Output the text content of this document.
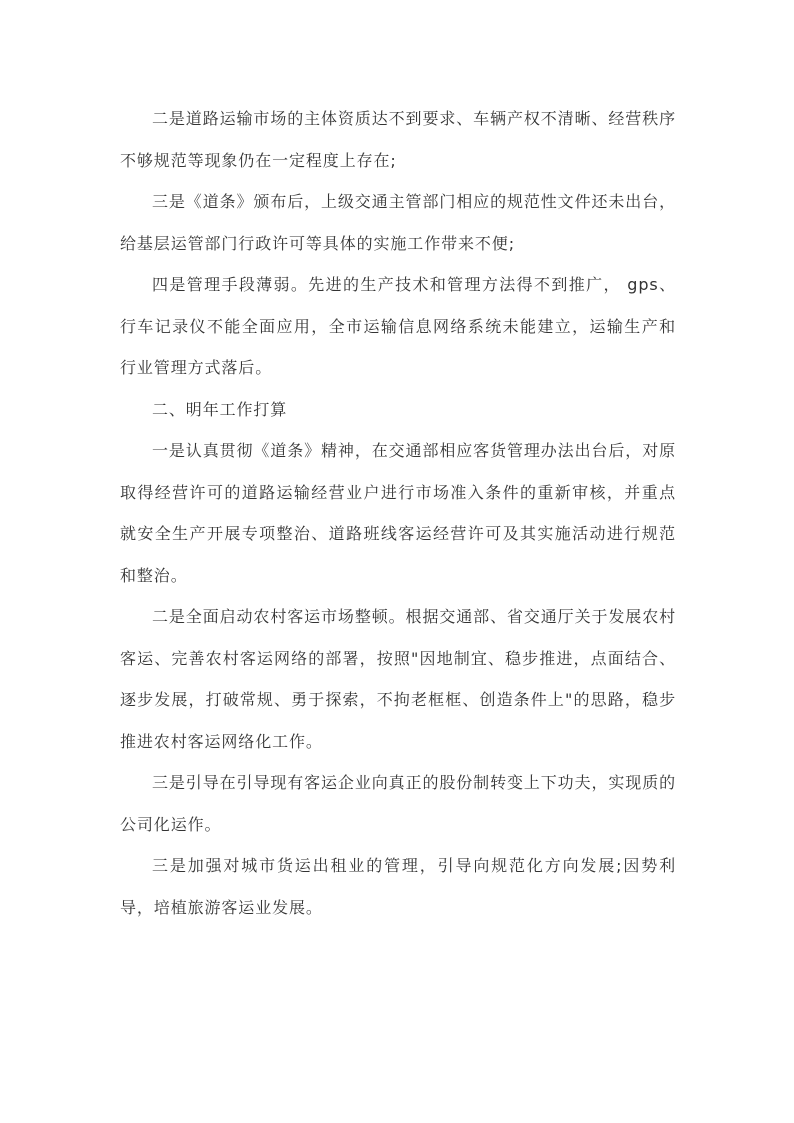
二是道路运输市场的主体资质达不到要求、车辆产权不清晰、经营秩序不够规范等现象仍在一定程度上存在;

三是《道条》颁布后，上级交通主管部门相应的规范性文件还未出台，给基层运管部门行政许可等具体的实施工作带来不便;

四是管理手段薄弱。先进的生产技术和管理方法得不到推广， gps、行车记录仪不能全面应用，全市运输信息网络系统未能建立，运输生产和行业管理方式落后。

二、明年工作打算

一是认真贯彻《道条》精神，在交通部相应客货管理办法出台后，对原取得经营许可的道路运输经营业户进行市场准入条件的重新审核，并重点就安全生产开展专项整治、道路班线客运经营许可及其实施活动进行规范和整治。

二是全面启动农村客运市场整顿。根据交通部、省交通厅关于发展农村客运、完善农村客运网络的部署，按照"因地制宜、稳步推进，点面结合、逐步发展，打破常规、勇于探索，不拘老框框、创造条件上"的思路，稳步推进农村客运网络化工作。

三是引导在引导现有客运企业向真正的股份制转变上下功夫，实现质的公司化运作。

三是加强对城市货运出租业的管理，引导向规范化方向发展;因势利导，培植旅游客运业发展。
